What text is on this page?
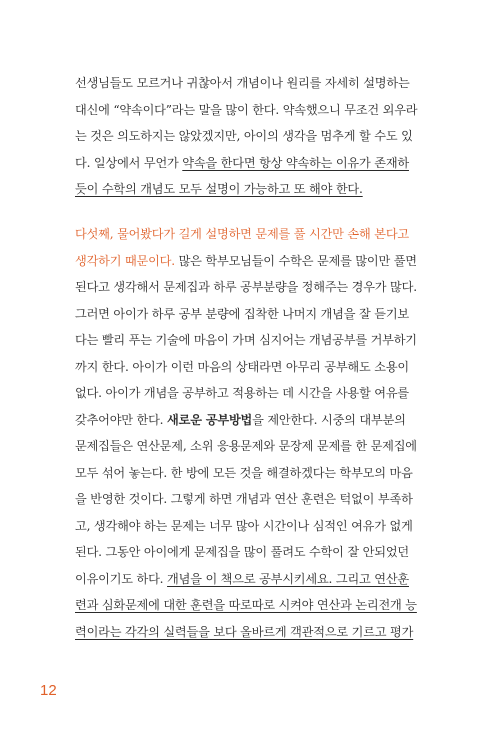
선생님들도 모르거나 귀찮아서 개념이나 원리를 자세히 설명하는
대신에 “약속이다”라는 말을 많이 한다. 약속했으니 무조건 외우라
는 것은 의도하지는 않았겠지만, 아이의 생각을 멈추게 할 수도 있
다. 일상에서 무언가 약속을 한다면 항상 약속하는 이유가 존재하
듯이 수학의 개념도 모두 설명이 가능하고 또 해야 한다.
다섯째, 물어봤다가 길게 설명하면 문제를 풀 시간만 손해 본다고
생각하기 때문이다. 많은 학부모님들이 수학은 문제를 많이만 풀면
된다고 생각해서 문제집과 하루 공부분량을 정해주는 경우가 많다.
그러면 아이가 하루 공부 분량에 집착한 나머지 개념을 잘 듣기보
다는 빨리 푸는 기술에 마음이 가며 심지어는 개념공부를 거부하기
까지 한다. 아이가 이런 마음의 상태라면 아무리 공부해도 소용이
없다. 아이가 개념을 공부하고 적용하는 데 시간을 사용할 여유를
갖추어야만 한다. 새로운 공부방법을 제안한다. 시중의 대부분의
문제집들은 연산문제, 소위 응용문제와 문장제 문제를 한 문제집에
모두 섞어 놓는다. 한 방에 모든 것을 해결하겠다는 학부모의 마음
을 반영한 것이다. 그렇게 하면 개념과 연산 훈련은 턱없이 부족하
고, 생각해야 하는 문제는 너무 많아 시간이나 심적인 여유가 없게
된다. 그동안 아이에게 문제집을 많이 풀려도 수학이 잘 안되었던
이유이기도 하다. 개념을 이 책으로 공부시키세요. 그리고 연산훈
련과 심화문제에 대한 훈련을 따로따로 시켜야 연산과 논리전개 능
력이라는 각각의 실력들을 보다 올바르게 객관적으로 기르고 평가
12
